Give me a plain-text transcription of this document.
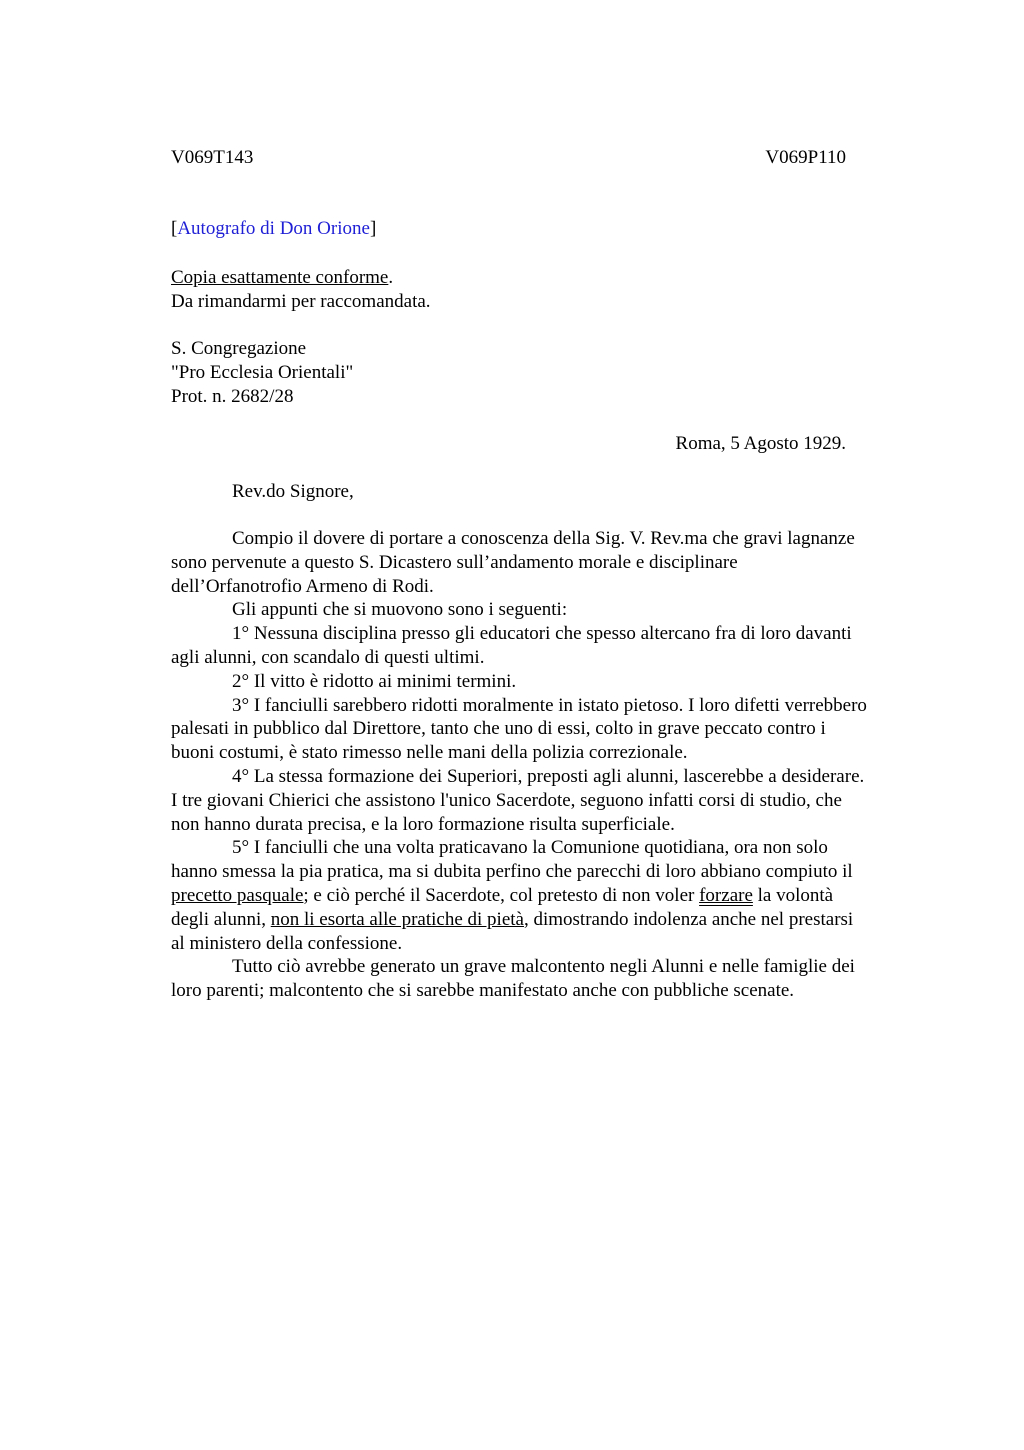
V069T143	V069P110
[Autografo di Don Orione]
Copia esattamente conforme.
Da rimandarmi per raccomandata.
S. Congregazione
"Pro Ecclesia Orientali"
Prot. n. 2682/28
Roma, 5 Agosto 1929.
Rev.do Signore,

Compio il dovere di portare a conoscenza della Sig. V. Rev.ma che gravi lagnanze
sono pervenute a questo S. Dicastero sull’andamento morale e disciplinare
dell’Orfanotrofio Armeno di Rodi.

Gli appunti che si muovono sono i seguenti:

1° Nessuna disciplina presso gli educatori che spesso altercano fra di loro davanti
agli alunni, con scandalo di questi ultimi.

2° Il vitto è ridotto ai minimi termini.

3° I fanciulli sarebbero ridotti moralmente in istato pietoso. I loro difetti verrebbero
palesati in pubblico dal Direttore, tanto che uno di essi, colto in grave peccato contro i
buoni costumi, è stato rimesso nelle mani della polizia correzionale.

4° La stessa formazione dei Superiori, preposti agli alunni, lascerebbe a desiderare.
I tre giovani Chierici che assistono l'unico Sacerdote, seguono infatti corsi di studio, che
non hanno durata precisa, e la loro formazione risulta superficiale.

5° I fanciulli che una volta praticavano la Comunione quotidiana, ora non solo
hanno smessa la pia pratica, ma si dubita perfino che parecchi di loro abbiano compiuto il
precetto pasquale; e ciò perché il Sacerdote, col pretesto di non voler forzare la volontà
degli alunni, non li esorta alle pratiche di pietà, dimostrando indolenza anche nel prestarsi
al ministero della confessione.

Tutto ciò avrebbe generato un grave malcontento negli Alunni e nelle famiglie dei
loro parenti; malcontento che si sarebbe manifestato anche con pubbliche scenate.
